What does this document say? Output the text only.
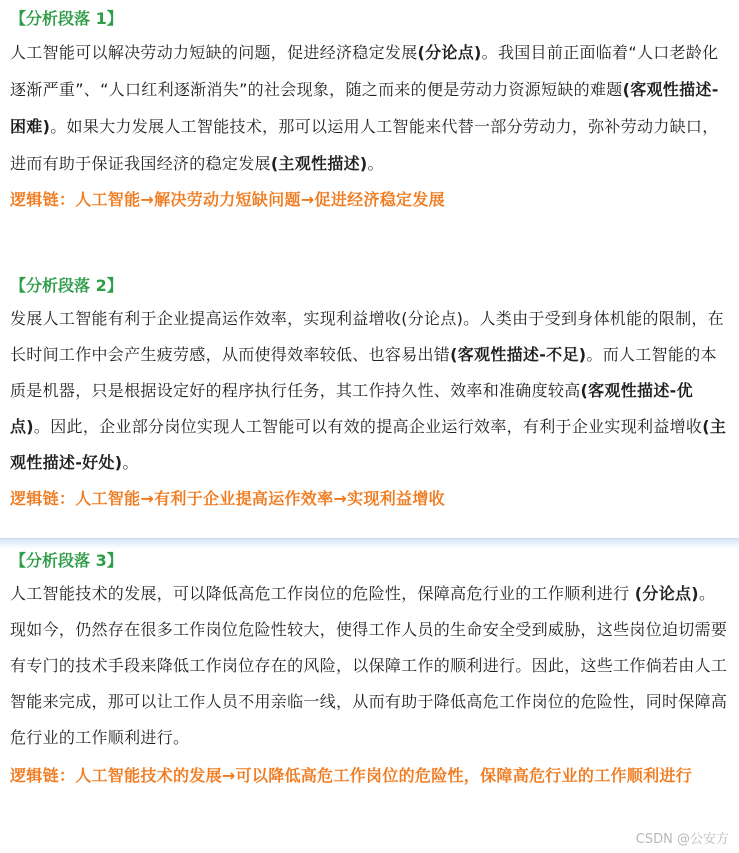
【分析段落 1】

人工智能可以解决劳动力短缺的问题，促进经济稳定发展(分论点)。我国目前正面临着“人口老龄化逐渐严重”、“人口红利逐渐消失”的社会现象，随之而来的便是劳动力资源短缺的难题(客观性描述-困难)。如果大力发展人工智能技术，那可以运用人工智能来代替一部分劳动力，弥补劳动力缺口，进而有助于保证我国经济的稳定发展(主观性描述)。

逻辑链：人工智能→解决劳动力短缺问题→促进经济稳定发展

【分析段落 2】

发展人工智能有利于企业提高运作效率，实现利益增收(分论点)。人类由于受到身体机能的限制，在长时间工作中会产生疲劳感，从而使得效率较低、也容易出错(客观性描述-不足)。而人工智能的本质是机器，只是根据设定好的程序执行任务，其工作持久性、效率和准确度较高(客观性描述-优点)。因此，企业部分岗位实现人工智能可以有效的提高企业运行效率，有利于企业实现利益增收(主观性描述-好处)。

逻辑链：人工智能→有利于企业提高运作效率→实现利益增收

【分析段落 3】

人工智能技术的发展，可以降低高危工作岗位的危险性，保障高危行业的工作顺利进行 (分论点)。现如今，仍然存在很多工作岗位危险性较大，使得工作人员的生命安全受到威胁，这些岗位迫切需要有专门的技术手段来降低工作岗位存在的风险，以保障工作的顺利进行。因此，这些工作倘若由人工智能来完成，那可以让工作人员不用亲临一线，从而有助于降低高危工作岗位的危险性，同时保障高危行业的工作顺利进行。

逻辑链：人工智能技术的发展→可以降低高危工作岗位的危险性，保障高危行业的工作顺利进行

CSDN @公安方
